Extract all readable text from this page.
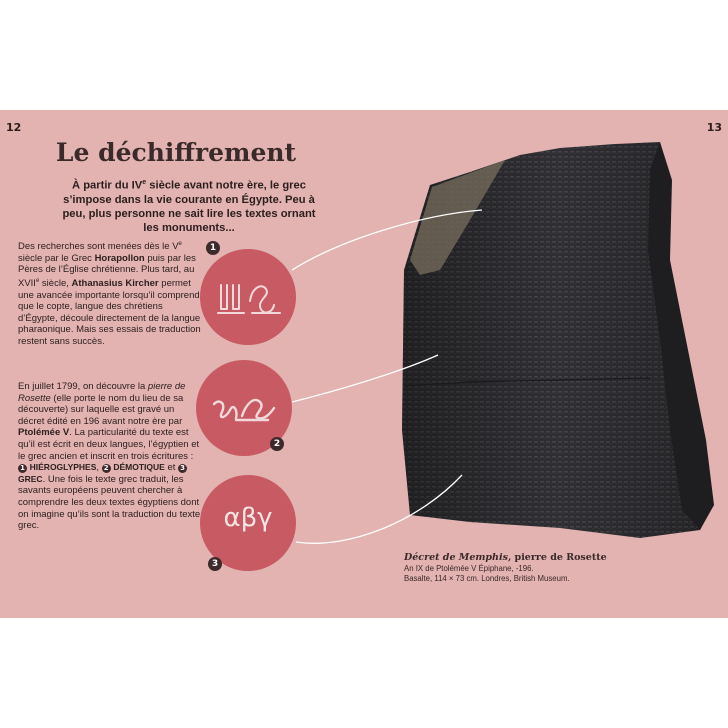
12	13
Le déchiffrement
À partir du IVe siècle avant notre ère, le grec s’impose dans la vie courante en Égypte. Peu à peu, plus personne ne sait lire les textes ornant les monuments...
Des recherches sont menées dès le Ve siècle par le Grec Horapollon puis par les Pères de l’Église chrétienne. Plus tard, au XVIIe siècle, Athanasius Kircher permet une avancée importante lorsqu’il comprend que le copte, langue des chrétiens d’Égypte, découle directement de la langue pharaonique. Mais ses essais de traduction restent sans succès.
En juillet 1799, on découvre la pierre de Rosette (elle porte le nom du lieu de sa découverte) sur laquelle est gravé un décret édité en 196 avant notre ère par Ptolémée V. La particularité du texte est qu’il est écrit en deux langues, l’égyptien et le grec ancien et inscrit en trois écritures : 1 HIÉROGLYPHES, 2 DÉMOTIQUE et 3 GREC. Une fois le texte grec traduit, les savants européens peuvent chercher à comprendre les deux textes égyptiens dont on imagine qu’ils sont la traduction du texte grec.
1
2
αβγ
3
Décret de Memphis, pierre de Rosette
An IX de Ptolémée V Épiphane, -196.
Basalte, 114 × 73 cm. Londres, British Museum.
